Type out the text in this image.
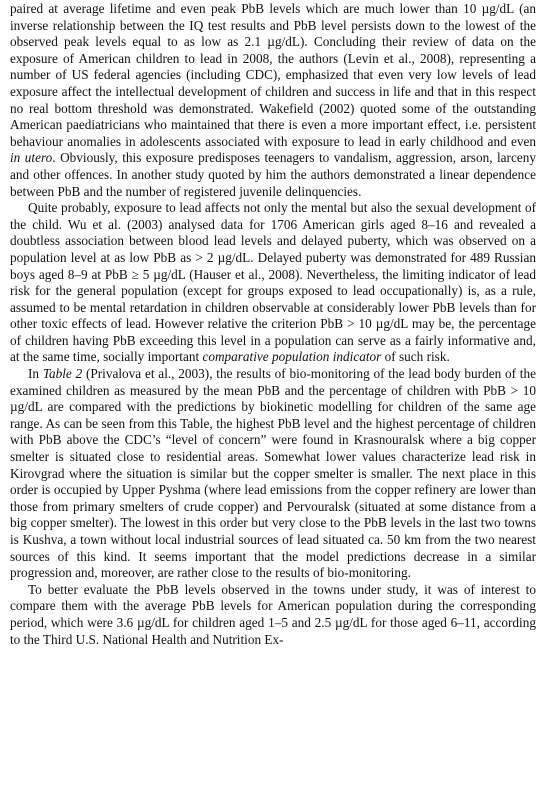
paired at average lifetime and even peak PbB levels which are much lower than 10 µg/dL (an inverse relationship between the IQ test results and PbB level persists down to the lowest of the observed peak levels equal to as low as 2.1 µg/dL). Concluding their review of data on the exposure of American children to lead in 2008, the authors (Levin et al., 2008), representing a number of US federal agencies (including CDC), emphasized that even very low levels of lead exposure affect the intellectual development of children and success in life and that in this respect no real bottom threshold was demonstrated. Wakefield (2002) quoted some of the outstanding American paediatricians who maintained that there is even a more important effect, i.e. persistent behaviour anomalies in adolescents associated with exposure to lead in early childhood and even in utero. Obviously, this exposure predisposes teenagers to vandalism, aggression, arson, larceny and other offences. In another study quoted by him the authors demonstrated a linear dependence between PbB and the number of registered juvenile delinquencies.

Quite probably, exposure to lead affects not only the mental but also the sexual development of the child. Wu et al. (2003) analysed data for 1706 American girls aged 8–16 and revealed a doubtless association between blood lead levels and delayed puberty, which was observed on a population level at as low PbB as > 2 µg/dL. Delayed puberty was demonstrated for 489 Russian boys aged 8–9 at PbB ≥ 5 µg/dL (Hauser et al., 2008). Nevertheless, the limiting indicator of lead risk for the general population (except for groups exposed to lead occupationally) is, as a rule, assumed to be mental retardation in children observable at considerably lower PbB levels than for other toxic effects of lead. However relative the criterion PbB > 10 µg/dL may be, the percentage of children having PbB exceeding this level in a population can serve as a fairly informative and, at the same time, socially important comparative population indicator of such risk.

In Table 2 (Privalova et al., 2003), the results of bio-monitoring of the lead body burden of the examined children as measured by the mean PbB and the percentage of children with PbB > 10 µg/dL are compared with the predictions by biokinetic modelling for children of the same age range. As can be seen from this Table, the highest PbB level and the highest percentage of children with PbB above the CDC’s “level of concern” were found in Krasnouralsk where a big copper smelter is situated close to residential areas. Somewhat lower values characterize lead risk in Kirovgrad where the situation is similar but the copper smelter is smaller. The next place in this order is occupied by Upper Pyshma (where lead emissions from the copper refinery are lower than those from primary smelters of crude copper) and Pervouralsk (situated at some distance from a big copper smelter). The lowest in this order but very close to the PbB levels in the last two towns is Kushva, a town without local industrial sources of lead situated ca. 50 km from the two nearest sources of this kind. It seems important that the model predictions decrease in a similar progression and, moreover, are rather close to the results of bio-monitoring.

To better evaluate the PbB levels observed in the towns under study, it was of interest to compare them with the average PbB levels for American population during the corresponding period, which were 3.6 µg/dL for children aged 1–5 and 2.5 µg/dL for those aged 6–11, according to the Third U.S. National Health and Nutrition Ex-
